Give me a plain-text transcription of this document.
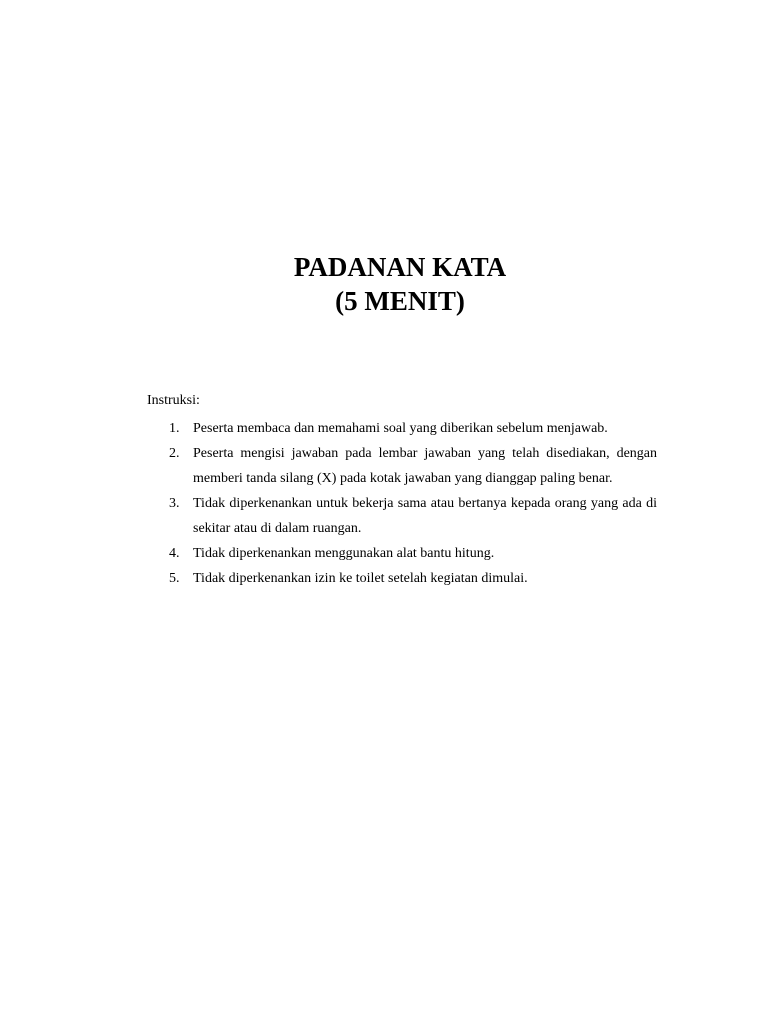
PADANAN KATA

(5 MENIT)

Instruksi:

1. Peserta membaca dan memahami soal yang diberikan sebelum menjawab.
2. Peserta mengisi jawaban pada lembar jawaban yang telah disediakan, dengan memberi tanda silang (X) pada kotak jawaban yang dianggap paling benar.
3. Tidak diperkenankan untuk bekerja sama atau bertanya kepada orang yang ada di sekitar atau di dalam ruangan.
4. Tidak diperkenankan menggunakan alat bantu hitung.
5. Tidak diperkenankan izin ke toilet setelah kegiatan dimulai.
